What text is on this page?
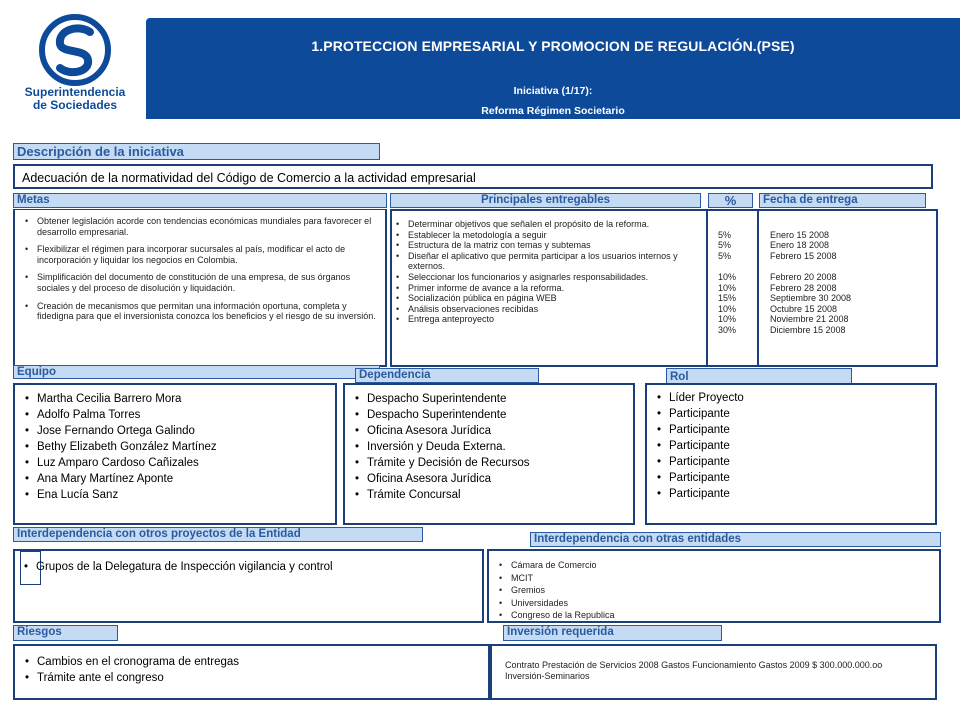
Superintendencia
de Sociedades
1.PROTECCION EMPRESARIAL Y PROMOCION DE REGULACIÓN.(PSE)
Iniciativa (1/17):
Reforma Régimen Societario
Descripción de la iniciativa
Adecuación de la normatividad del Código de Comercio a la actividad empresarial
Metas	Principales entregables	%	Fecha de entrega
• Obtener legislación acorde con tendencias económicas mundiales para favorecer el desarrollo empresarial.
• Flexibilizar el régimen para incorporar sucursales al país, modificar el acto de incorporación y liquidar los negocios en Colombia.
• Simplificación del documento de constitución de una empresa, de sus órganos sociales y del proceso de disolución y liquidación.
• Creación de mecanismos que permitan una información oportuna, completa y fidedigna para que el inversionista conozca los beneficios y el riesgo de su inversión.
• Determinar objetivos que señalen el propósito de la reforma.
• Establecer la metodología a seguir
• Estructura de la matriz con temas y subtemas
• Diseñar el aplicativo que permita participar a los usuarios internos y externos.
• Seleccionar los funcionarios y asignarles responsabilidades.
• Primer informe de avance a la reforma.
• Socialización pública en página WEB
• Análisis observaciones recibidas
• Entrega anteproyecto
5%
5%
5%
10%
10%
15%
10%
10%
30%
Enero 15 2008
Enero 18 2008
Febrero 15 2008
Febrero 20 2008
Febrero 28 2008
Septiembre 30 2008
Octubre 15 2008
Noviembre 21 2008
Diciembre 15 2008
Equipo	Dependencia	Rol
• Martha Cecilia Barrero Mora
• Adolfo Palma Torres
• Jose Fernando Ortega Galindo
• Bethy Elizabeth González Martínez
• Luz Amparo Cardoso Cañizales
• Ana Mary Martínez Aponte
• Ena Lucía Sanz
• Despacho Superintendente
• Despacho Superintendente
• Oficina Asesora Jurídica
• Inversión y Deuda Externa.
• Trámite y Decisión de Recursos
• Oficina Asesora Jurídica
• Trámite Concursal
• Líder Proyecto
• Participante
• Participante
• Participante
• Participante
• Participante
• Participante
Interdependencia con otros proyectos de la Entidad	Interdependencia con otras entidades
• Grupos de la Delegatura de Inspección vigilancia y control
•	Cámara de Comercio
• MCIT
• Gremios
• Universidades
• Congreso de la Republica
Riesgos	Inversión requerida
• Cambios en el cronograma de entregas
• Trámite ante el congreso
Contrato Prestación de Servicios 2008 Gastos Funcionamiento Gastos 2009 $ 300.000.000.oo Inversión-Seminarios
